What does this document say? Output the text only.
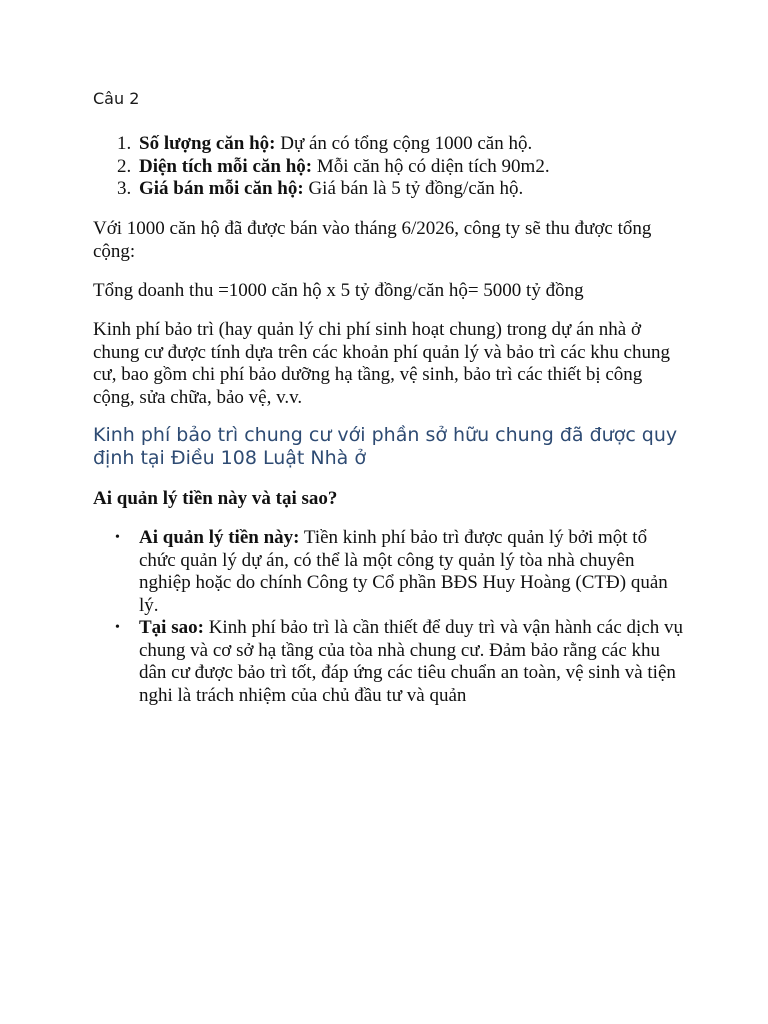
Câu 2
1. Số lượng căn hộ: Dự án có tổng cộng 1000 căn hộ.
2. Diện tích mỗi căn hộ: Mỗi căn hộ có diện tích 90m2.
3. Giá bán mỗi căn hộ: Giá bán là 5 tỷ đồng/căn hộ.

Với 1000 căn hộ đã được bán vào tháng 6/2026, công ty sẽ thu được tổng cộng:

Tổng doanh thu =1000 căn hộ x 5 tỷ đồng/căn hộ= 5000 tỷ đồng

Kinh phí bảo trì (hay quản lý chi phí sinh hoạt chung) trong dự án nhà ở chung cư được tính dựa trên các khoản phí quản lý và bảo trì các khu chung cư, bao gồm chi phí bảo dưỡng hạ tầng, vệ sinh, bảo trì các thiết bị công cộng, sửa chữa, bảo vệ, v.v.

Kinh phí bảo trì chung cư với phần sở hữu chung đã được quy định tại Điều 108 Luật Nhà ở

Ai quản lý tiền này và tại sao?

• Ai quản lý tiền này: Tiền kinh phí bảo trì được quản lý bởi một tổ chức quản lý dự án, có thể là một công ty quản lý tòa nhà chuyên nghiệp hoặc do chính Công ty Cổ phần BĐS Huy Hoàng (CTĐ) quản lý.
• Tại sao: Kinh phí bảo trì là cần thiết để duy trì và vận hành các dịch vụ chung và cơ sở hạ tầng của tòa nhà chung cư. Đảm bảo rằng các khu dân cư được bảo trì tốt, đáp ứng các tiêu chuẩn an toàn, vệ sinh và tiện nghi là trách nhiệm của chủ đầu tư và quản
